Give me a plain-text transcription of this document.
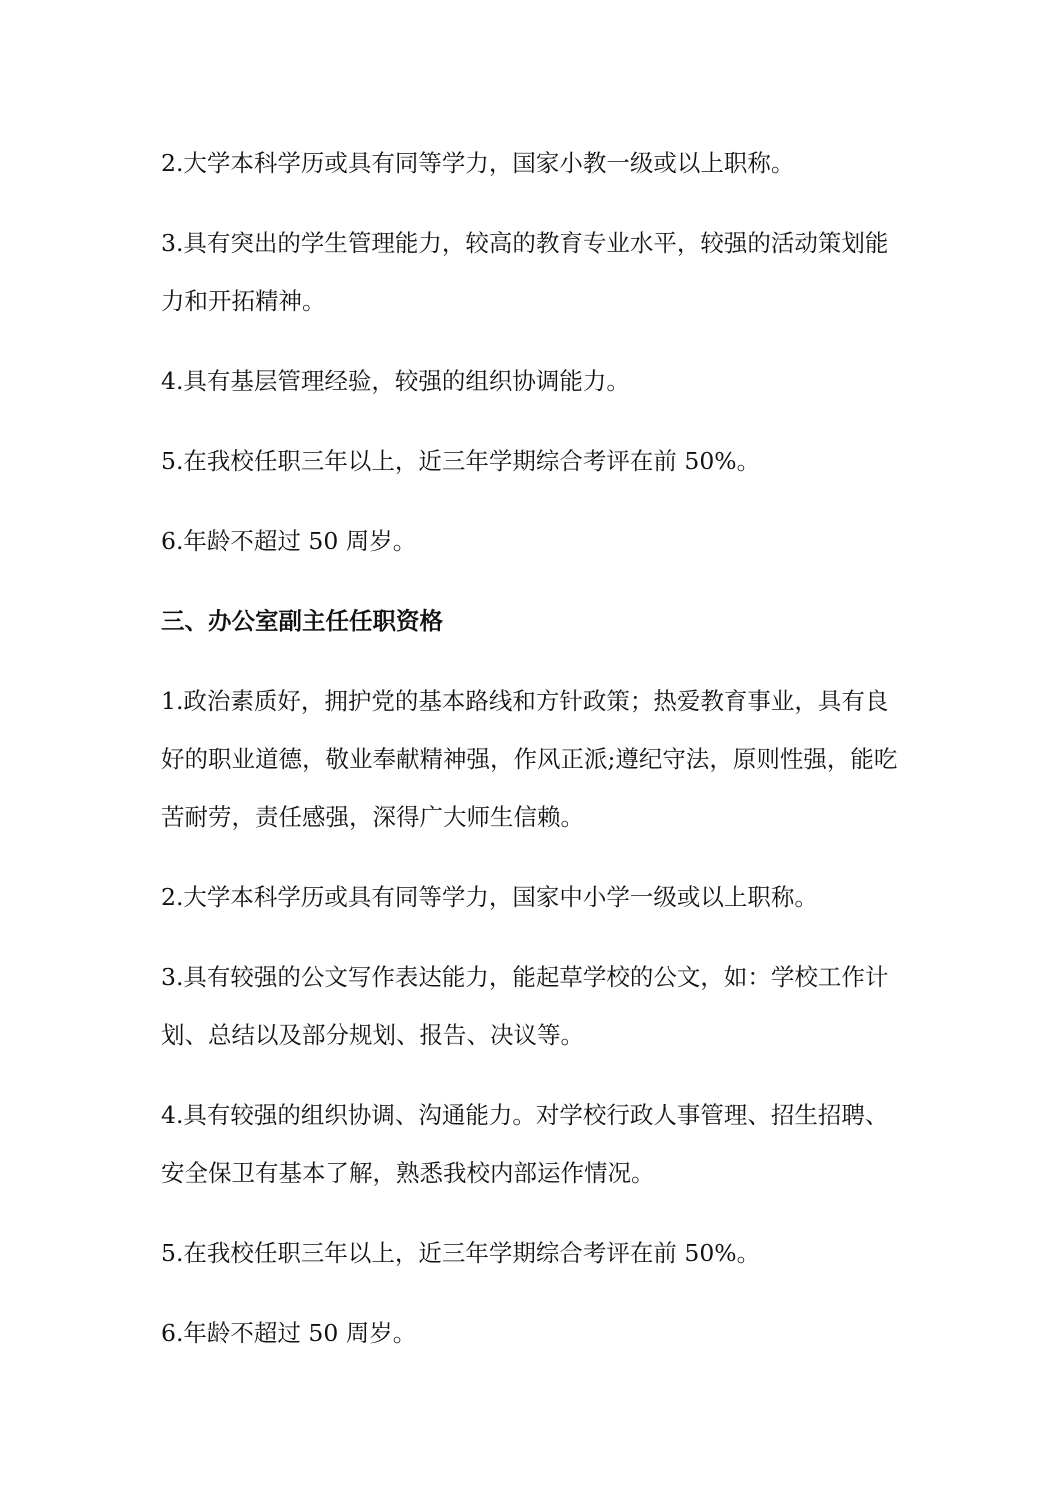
2.大学本科学历或具有同等学力，国家小教一级或以上职称。

3.具有突出的学生管理能力，较高的教育专业水平，较强的活动策划能力和开拓精神。

4.具有基层管理经验，较强的组织协调能力。

5.在我校任职三年以上，近三年学期综合考评在前 50%。

6.年龄不超过 50 周岁。

三、办公室副主任任职资格

1.政治素质好，拥护党的基本路线和方针政策；热爱教育事业，具有良好的职业道德，敬业奉献精神强，作风正派;遵纪守法，原则性强，能吃苦耐劳，责任感强，深得广大师生信赖。

2.大学本科学历或具有同等学力，国家中小学一级或以上职称。

3.具有较强的公文写作表达能力，能起草学校的公文，如：学校工作计划、总结以及部分规划、报告、决议等。

4.具有较强的组织协调、沟通能力。对学校行政人事管理、招生招聘、安全保卫有基本了解，熟悉我校内部运作情况。

5.在我校任职三年以上，近三年学期综合考评在前 50%。

6.年龄不超过 50 周岁。
